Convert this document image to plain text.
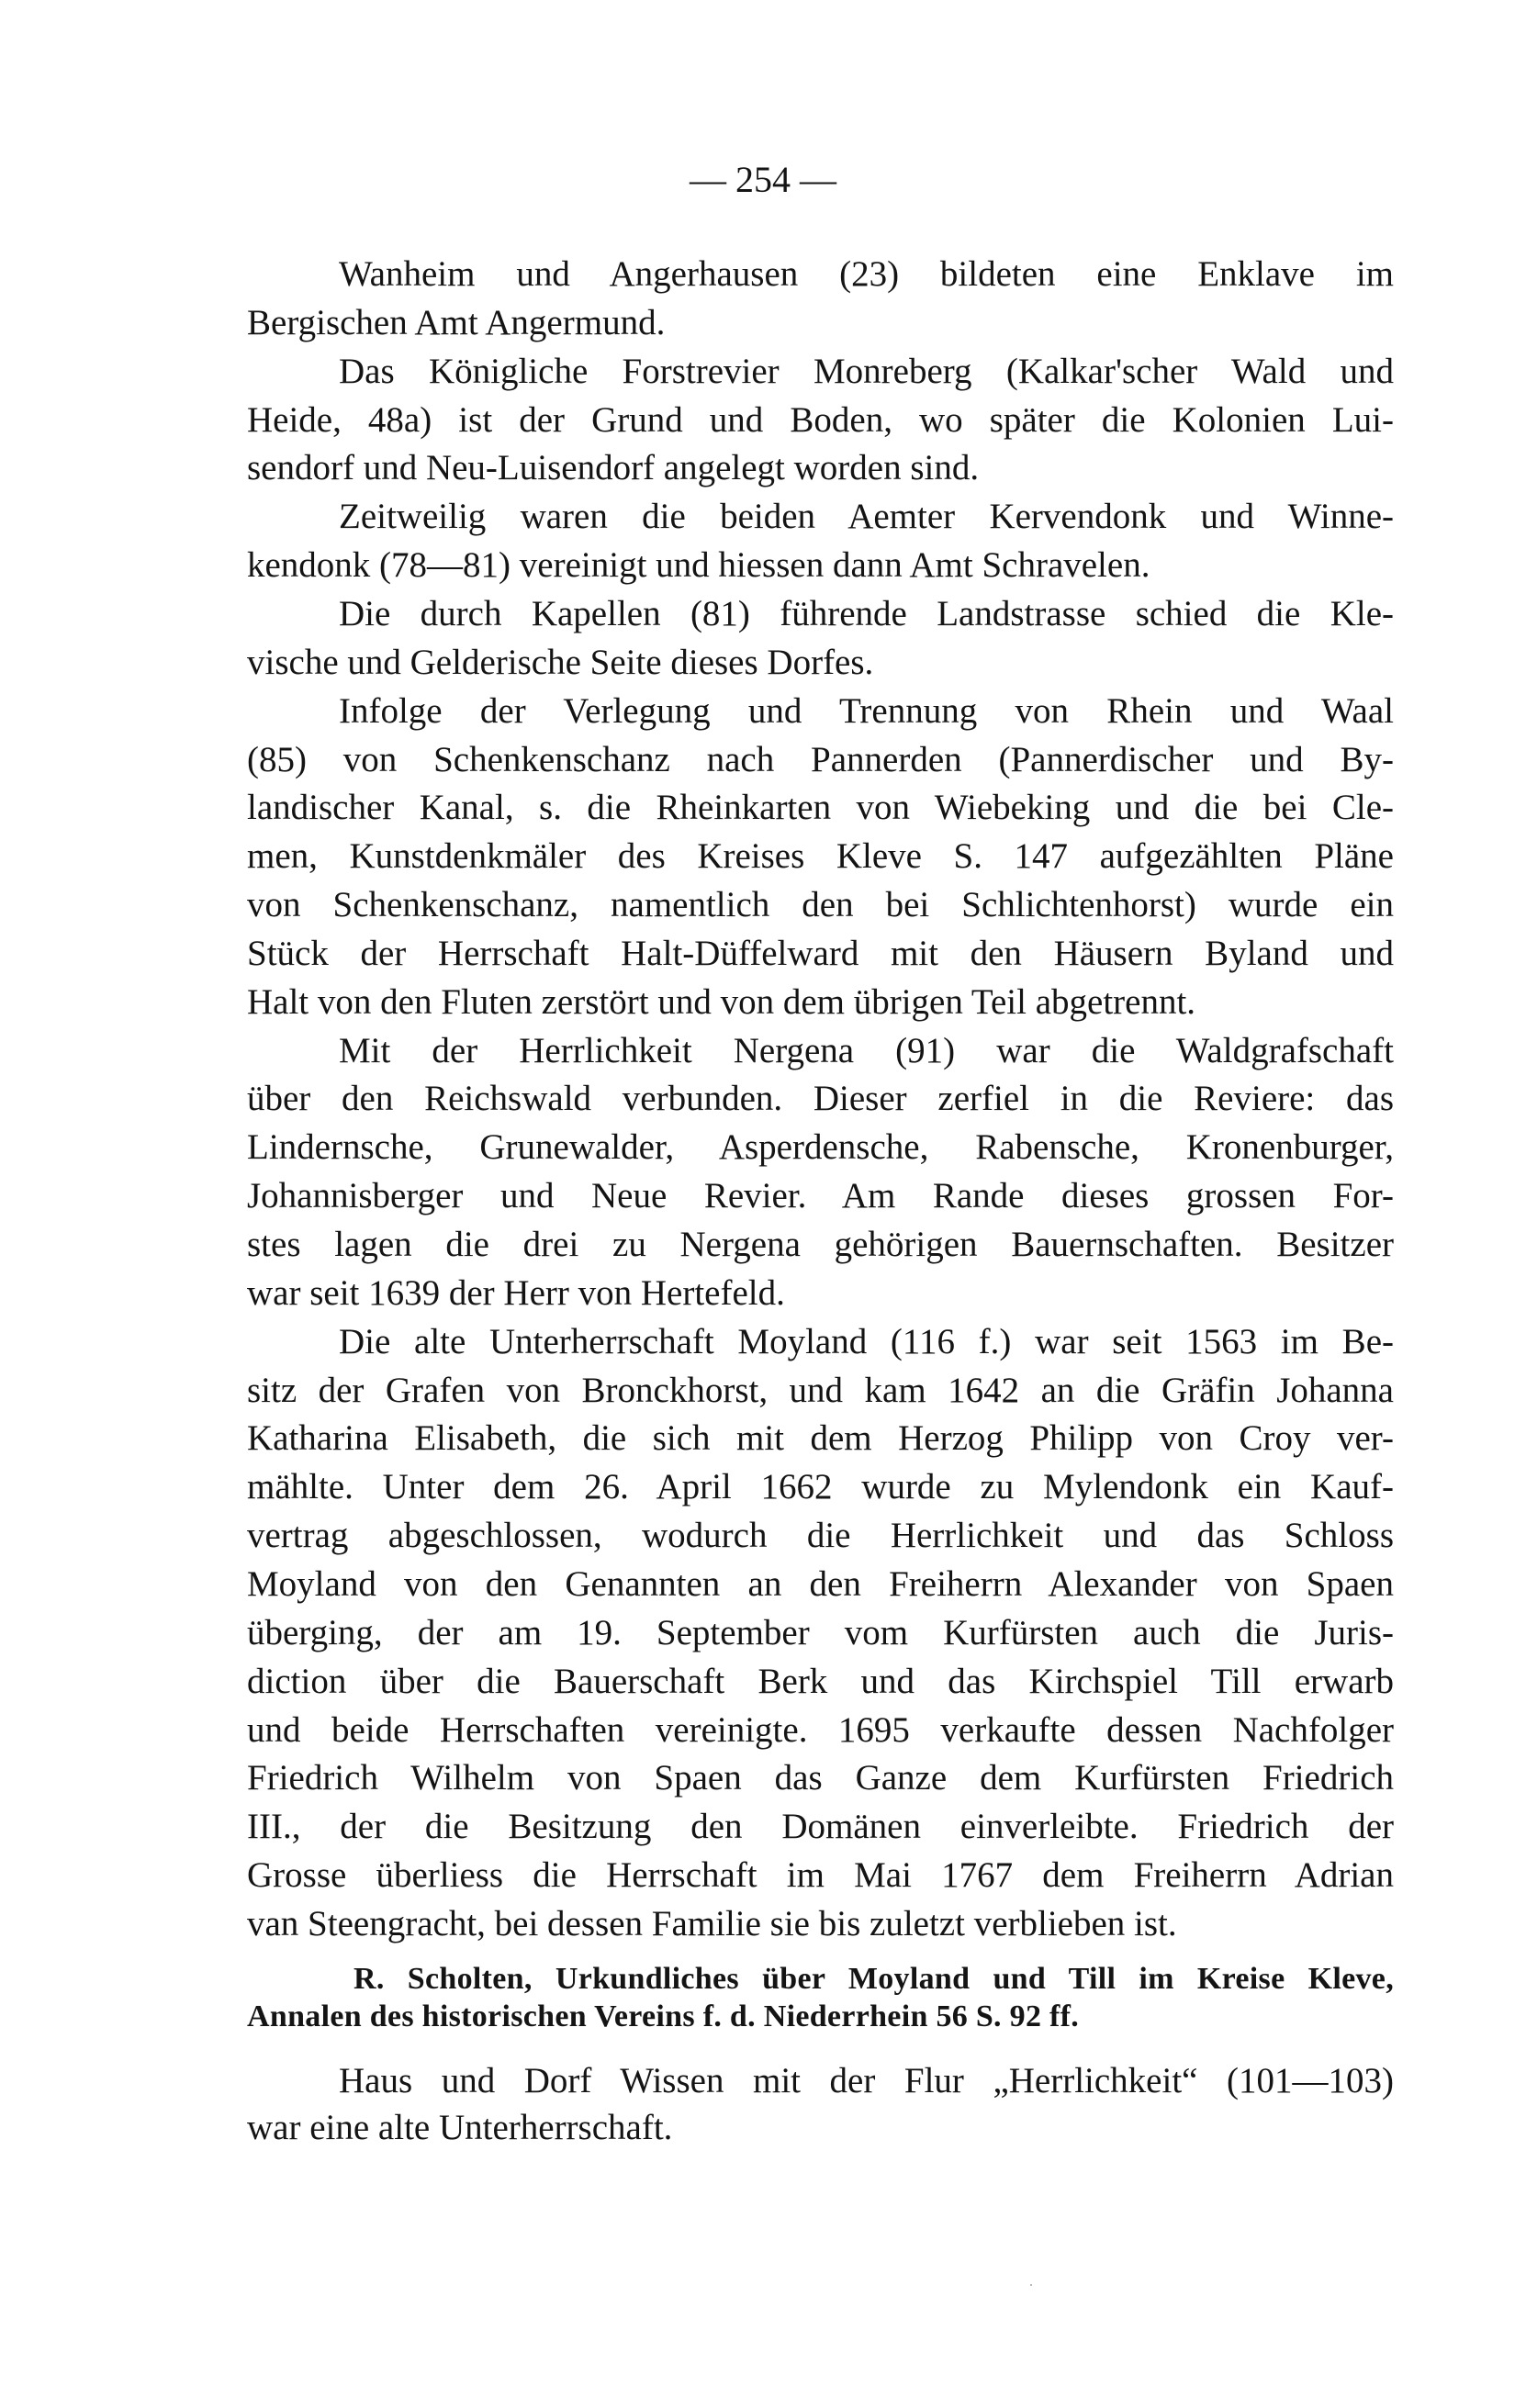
— 254 —
Wanheim und Angerhausen (23) bildeten eine Enklave im
Bergischen Amt Angermund.
Das Königliche Forstrevier Monreberg (Kalkar'scher Wald und
Heide, 48a) ist der Grund und Boden, wo später die Kolonien Lui-
sendorf und Neu-Luisendorf angelegt worden sind.
Zeitweilig waren die beiden Aemter Kervendonk und Winne-
kendonk (78—81) vereinigt und hiessen dann Amt Schravelen.
Die durch Kapellen (81) führende Landstrasse schied die Kle-
vische und Gelderische Seite dieses Dorfes.
Infolge der Verlegung und Trennung von Rhein und Waal
(85) von Schenkenschanz nach Pannerden (Pannerdischer und By-
landischer Kanal, s. die Rheinkarten von Wiebeking und die bei Cle-
men, Kunstdenkmäler des Kreises Kleve S. 147 aufgezählten Pläne
von Schenkenschanz, namentlich den bei Schlichtenhorst) wurde ein
Stück der Herrschaft Halt-Düffelward mit den Häusern Byland und
Halt von den Fluten zerstört und von dem übrigen Teil abgetrennt.
Mit der Herrlichkeit Nergena (91) war die Waldgrafschaft
über den Reichswald verbunden. Dieser zerfiel in die Reviere: das
Lindernsche, Grunewalder, Asperdensche, Rabensche, Kronenburger,
Johannisberger und Neue Revier. Am Rande dieses grossen For-
stes lagen die drei zu Nergena gehörigen Bauernschaften. Besitzer
war seit 1639 der Herr von Hertefeld.
Die alte Unterherrschaft Moyland (116 f.) war seit 1563 im Be-
sitz der Grafen von Bronckhorst, und kam 1642 an die Gräfin Johanna
Katharina Elisabeth, die sich mit dem Herzog Philipp von Croy ver-
mählte. Unter dem 26. April 1662 wurde zu Mylendonk ein Kauf-
vertrag abgeschlossen, wodurch die Herrlichkeit und das Schloss
Moyland von den Genannten an den Freiherrn Alexander von Spaen
überging, der am 19. September vom Kurfürsten auch die Juris-
diction über die Bauerschaft Berk und das Kirchspiel Till erwarb
und beide Herrschaften vereinigte. 1695 verkaufte dessen Nachfolger
Friedrich Wilhelm von Spaen das Ganze dem Kurfürsten Friedrich
III., der die Besitzung den Domänen einverleibte. Friedrich der
Grosse überliess die Herrschaft im Mai 1767 dem Freiherrn Adrian
van Steengracht, bei dessen Familie sie bis zuletzt verblieben ist.
R. Scholten, Urkundliches über Moyland und Till im Kreise Kleve,
Annalen des historischen Vereins f. d. Niederrhein 56 S. 92 ff.
Haus und Dorf Wissen mit der Flur „Herrlichkeit“ (101—103)
war eine alte Unterherrschaft.
